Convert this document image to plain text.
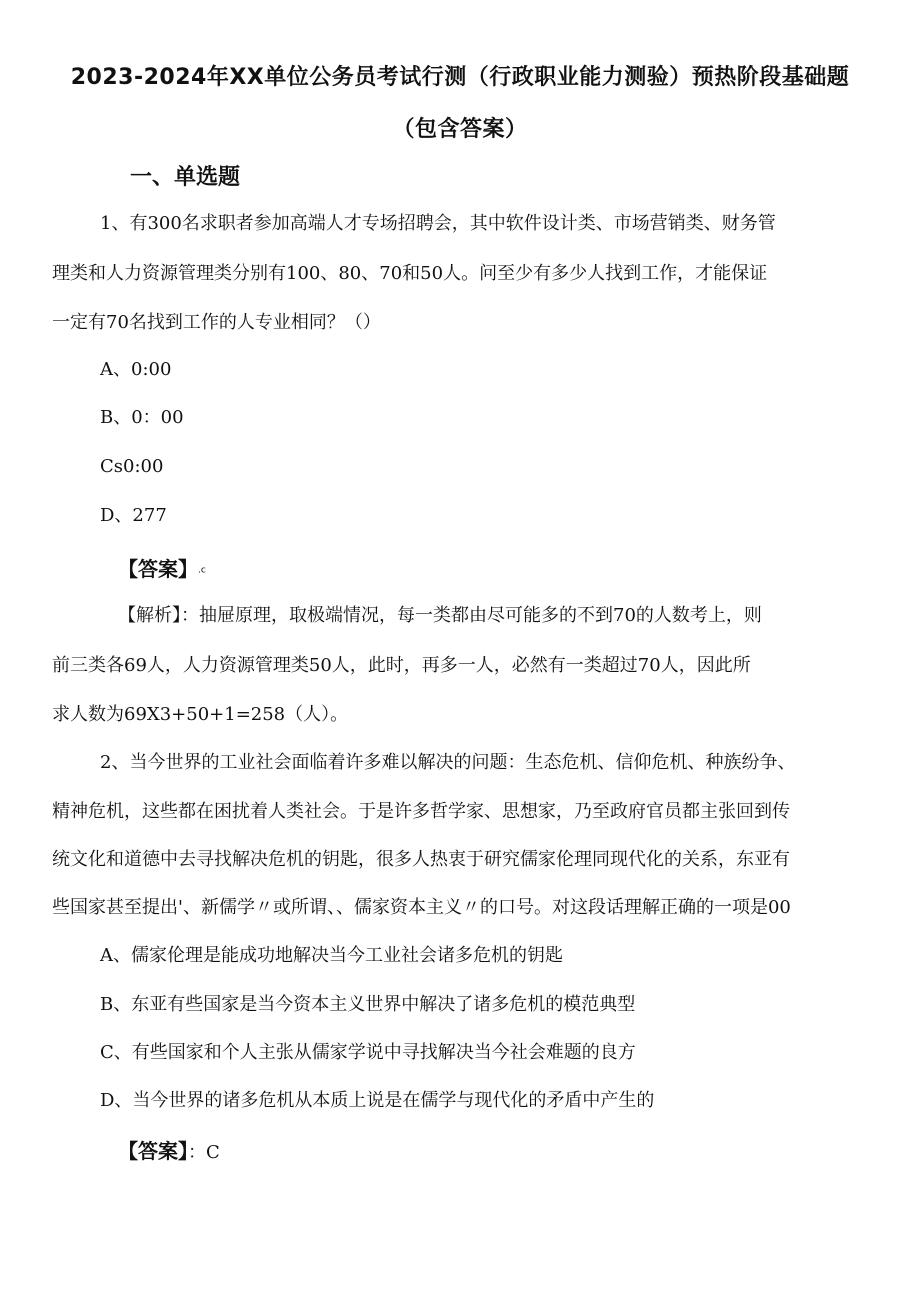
2023-2024年XX单位公务员考试行测（行政职业能力测验）预热阶段基础题
（包含答案）
一、单选题
1、有300名求职者参加高端人才专场招聘会，其中软件设计类、市场营销类、财务管
理类和人力资源管理类分别有100、80、70和50人。问至少有多少人找到工作，才能保证
一定有70名找到工作的人专业相同？（）
A、0:00
B、0：00
Cs0:00
D、277
【答案】.c
【解析】：抽屉原理，取极端情况，每一类都由尽可能多的不到70的人数考上，则
前三类各69人，人力资源管理类50人，此时，再多一人，必然有一类超过70人，因此所
求人数为69X3+50+1=258（人）。
2、当今世界的工业社会面临着许多难以解决的问题：生态危机、信仰危机、种族纷争、
精神危机，这些都在困扰着人类社会。于是许多哲学家、思想家，乃至政府官员都主张回到传
统文化和道德中去寻找解决危机的钥匙，很多人热衷于研究儒家伦理同现代化的关系，东亚有
些国家甚至提出'、新儒学〃或所谓、、儒家资本主义〃的口号。对这段话理解正确的一项是00
A、儒家伦理是能成功地解决当今工业社会诸多危机的钥匙
B、东亚有些国家是当今资本主义世界中解决了诸多危机的模范典型
C、有些国家和个人主张从儒家学说中寻找解决当今社会难题的良方
D、当今世界的诸多危机从本质上说是在儒学与现代化的矛盾中产生的
【答案】：C
